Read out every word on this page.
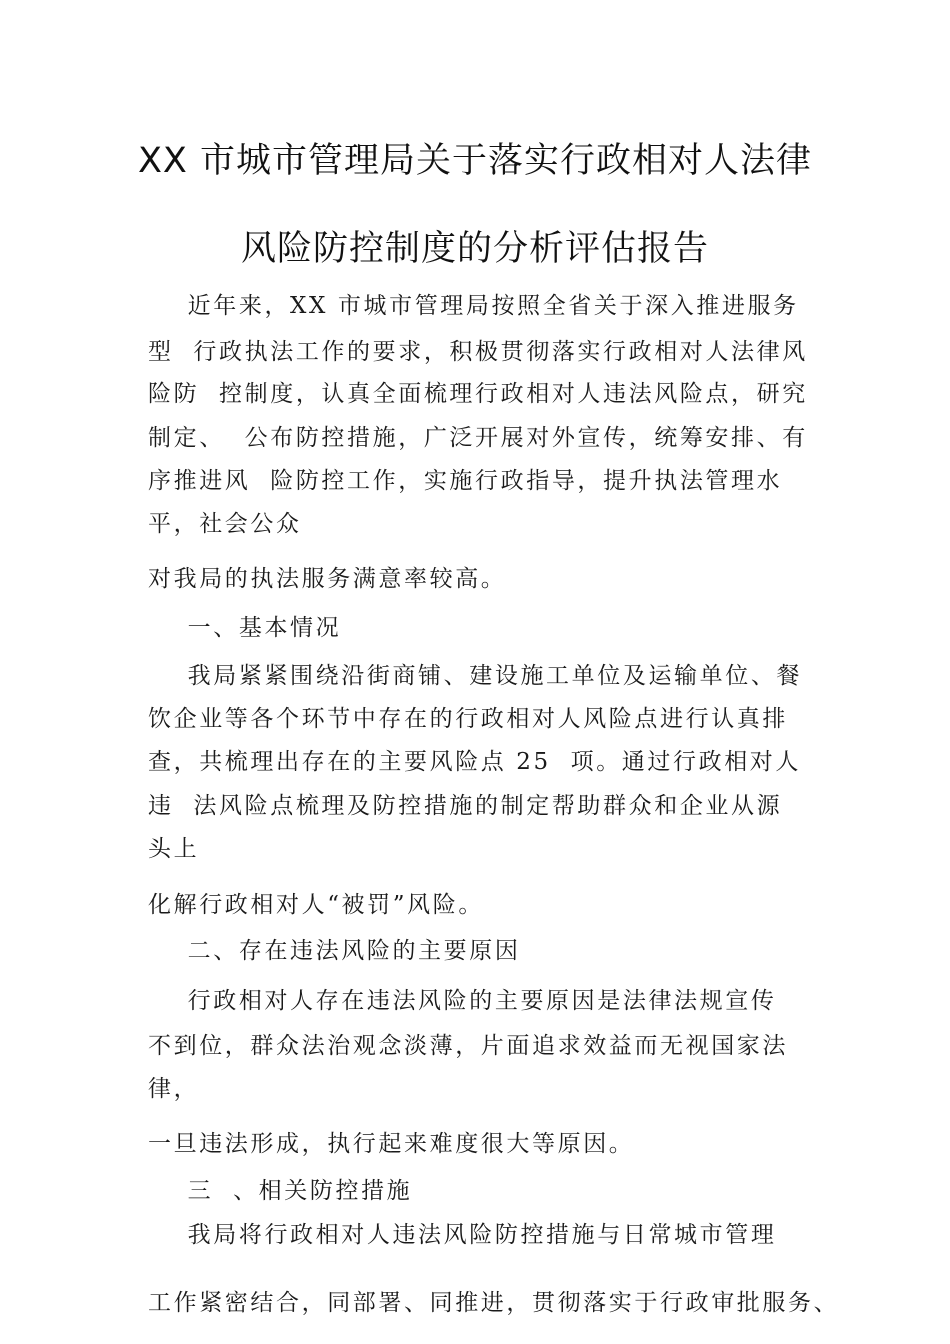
XX 市城市管理局关于落实行政相对人法律
风险防控制度的分析评估报告
近年来，XX 市城市管理局按照全省关于深入推进服务
型  行政执法工作的要求，积极贯彻落实行政相对人法律风
险防  控制度，认真全面梳理行政相对人违法风险点，研究
制定、  公布防控措施，广泛开展对外宣传，统筹安排、有
序推进风  险防控工作，实施行政指导，提升执法管理水
平，社会公众
对我局的执法服务满意率较高。
一、基本情况
我局紧紧围绕沿街商铺、建设施工单位及运输单位、餐
饮企业等各个环节中存在的行政相对人风险点进行认真排
查，共梳理出存在的主要风险点 25  项。通过行政相对人
违  法风险点梳理及防控措施的制定帮助群众和企业从源
头上
化解行政相对人“被罚”风险。
二、存在违法风险的主要原因
行政相对人存在违法风险的主要原因是法律法规宣传
不到位，群众法治观念淡薄，片面追求效益而无视国家法
律，
一旦违法形成，执行起来难度很大等原因。
三  、相关防控措施
我局将行政相对人违法风险防控措施与日常城市管理
工作紧密结合，同部署、同推进，贯彻落实于行政审批服务、
